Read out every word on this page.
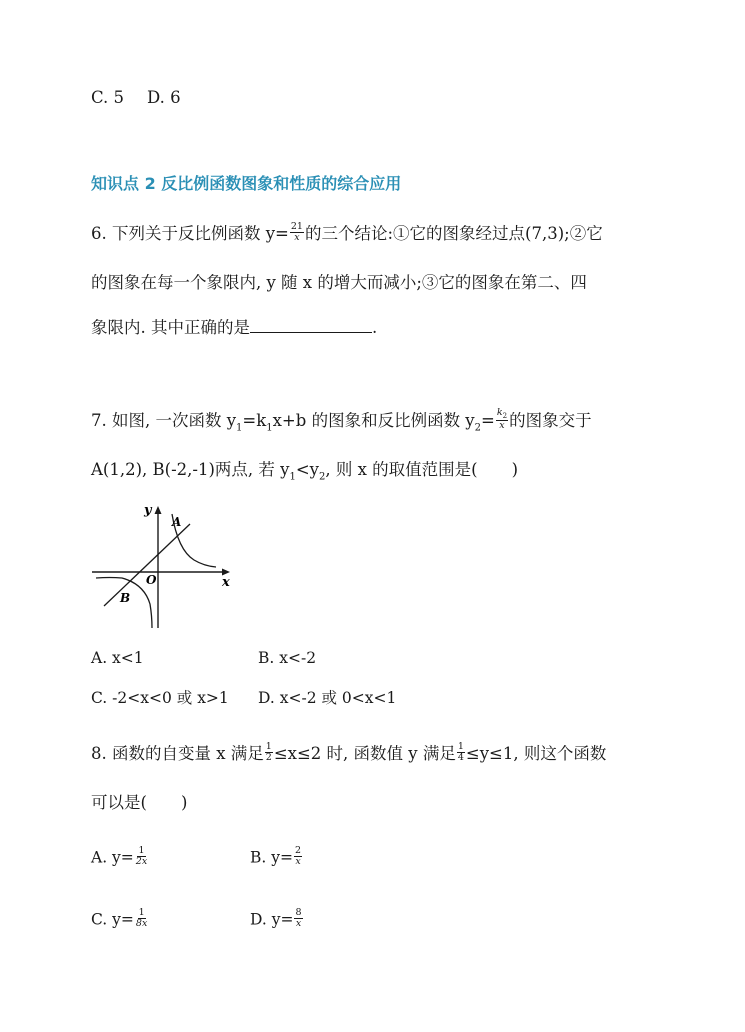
C. 5 D. 6
知识点 2 反比例函数图象和性质的综合应用
6. 下列关于反比例函数 $y= \frac{21}{x}$ 的三个结论:①它的图象经过点(7,3);②它
的图象在每一个象限内, y 随 x 的增大而减小;③它的图象在第二、四
象限内. 其中正确的是	.
7. 如图, 一次函数 $y_1=k_1x+b$ 的图象和反比例函数 $y_2= \frac{k_2}{x}$ 的图象交于
A(1,2), B(-2,-1)两点, 若 $y_1<y_2$, 则 x 的取值范围是( )
y
x
O
A
B
A. x<1	B. x<-2
C. -2<x<0 或 x>1 D. x<-2 或 0<x<1
8. 函数的自变量 x 满足 $\frac{1}{2} \le x\le 2$ 时, 函数值 y 满足 $\frac{1}{4} \le y\le 1$, 则这个函数
可以是( )
A. $y= \frac{1}{2x}$	B. $y= \frac{2}{x}$
C. $y= \frac{1}{8x}$	D. $y= \frac{8}{x}$
